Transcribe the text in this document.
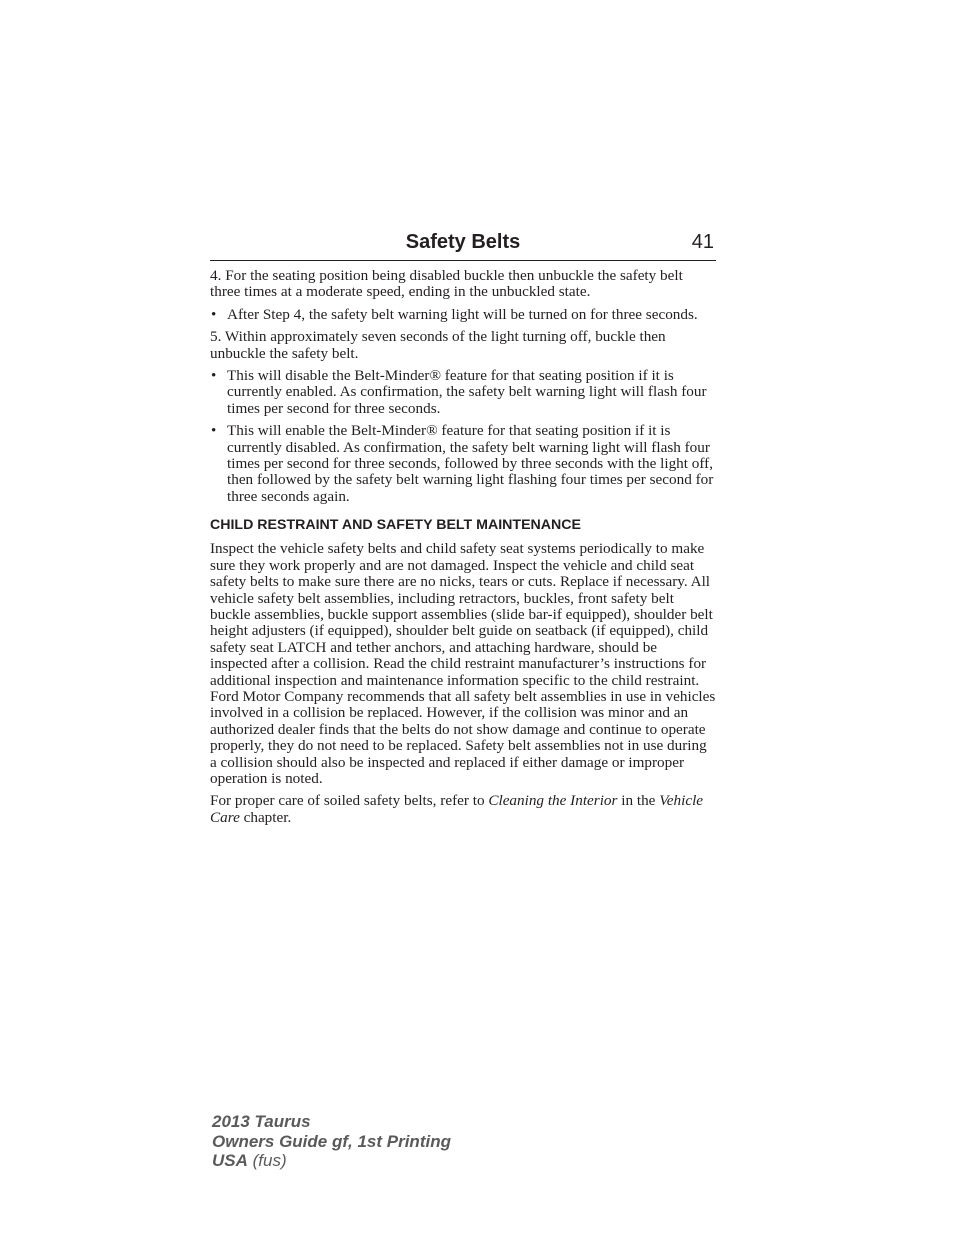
Safety Belts	41

4. For the seating position being disabled buckle then unbuckle the safety belt three times at a moderate speed, ending in the unbuckled state.

• After Step 4, the safety belt warning light will be turned on for three seconds.

5. Within approximately seven seconds of the light turning off, buckle then unbuckle the safety belt.

• This will disable the Belt-Minder® feature for that seating position if it is currently enabled. As confirmation, the safety belt warning light will flash four times per second for three seconds.
• This will enable the Belt-Minder® feature for that seating position if it is currently disabled. As confirmation, the safety belt warning light will flash four times per second for three seconds, followed by three seconds with the light off, then followed by the safety belt warning light flashing four times per second for three seconds again.
CHILD RESTRAINT AND SAFETY BELT MAINTENANCE

Inspect the vehicle safety belts and child safety seat systems periodically to make sure they work properly and are not damaged. Inspect the vehicle and child seat safety belts to make sure there are no nicks, tears or cuts. Replace if necessary. All vehicle safety belt assemblies, including retractors, buckles, front safety belt buckle assemblies, buckle support assemblies (slide bar-if equipped), shoulder belt height adjusters (if equipped), shoulder belt guide on seatback (if equipped), child safety seat LATCH and tether anchors, and attaching hardware, should be inspected after a collision. Read the child restraint manufacturer’s instructions for additional inspection and maintenance information specific to the child restraint. Ford Motor Company recommends that all safety belt assemblies in use in vehicles involved in a collision be replaced. However, if the collision was minor and an authorized dealer finds that the belts do not show damage and continue to operate properly, they do not need to be replaced. Safety belt assemblies not in use during a collision should also be inspected and replaced if either damage or improper operation is noted.

For proper care of soiled safety belts, refer to Cleaning the Interior in the Vehicle Care chapter.

2013 Taurus
Owners Guide gf, 1st Printing
USA (fus)
